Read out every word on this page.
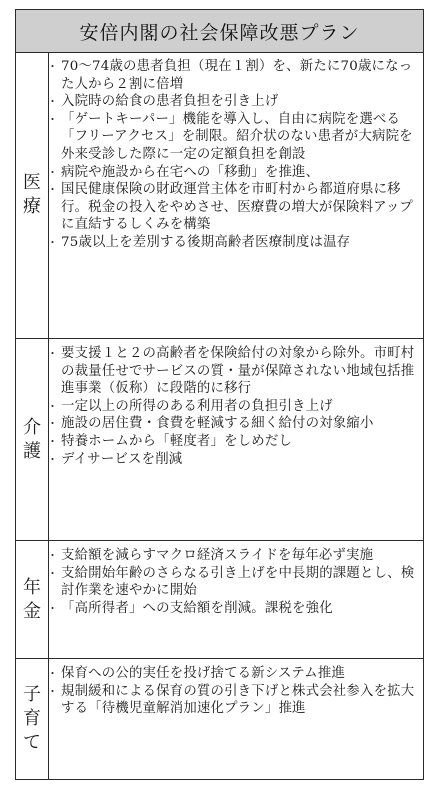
安倍内閣の社会保障改悪プラン
医
療
・ 70～74歳の患者負担（現在１割）を、新たに70歳になった人から２割に倍増
・ 入院時の給食の患者負担を引き上げ
・ 「ゲートキーパー」機能を導入し、自由に病院を選べる「フリーアクセス」を制限。紹介状のない患者が大病院を外来受診した際に一定の定額負担を創設
・ 病院や施設から在宅への「移動」を推進、
・ 国民健康保険の財政運営主体を市町村から都道府県に移行。税金の投入をやめさせ、医療費の増大が保険料アップに直結するしくみを構築
・ 75歳以上を差別する後期高齢者医療制度は温存
介
護
・ 要支援１と２の高齢者を保険給付の対象から除外。市町村の裁量任せでサービスの質・量が保障されない地域包括推進事業（仮称）に段階的に移行
・ 一定以上の所得のある利用者の負担引き上げ
・ 施設の居住費・食費を軽減する細く給付の対象縮小
・ 特養ホームから「軽度者」をしめだし
・ デイサービスを削減
年
金
・ 支給額を減らすマクロ経済スライドを毎年必ず実施
・ 支給開始年齢のさらなる引き上げを中長期的課題とし、検討作業を速やかに開始
・ 「高所得者」への支給額を削減。課税を強化
子
育
て
・ 保育への公的実任を投げ捨てる新システム推進
・ 規制緩和による保育の質の引き下げと株式会社参入を拡大する「待機児童解消加速化プラン」推進
